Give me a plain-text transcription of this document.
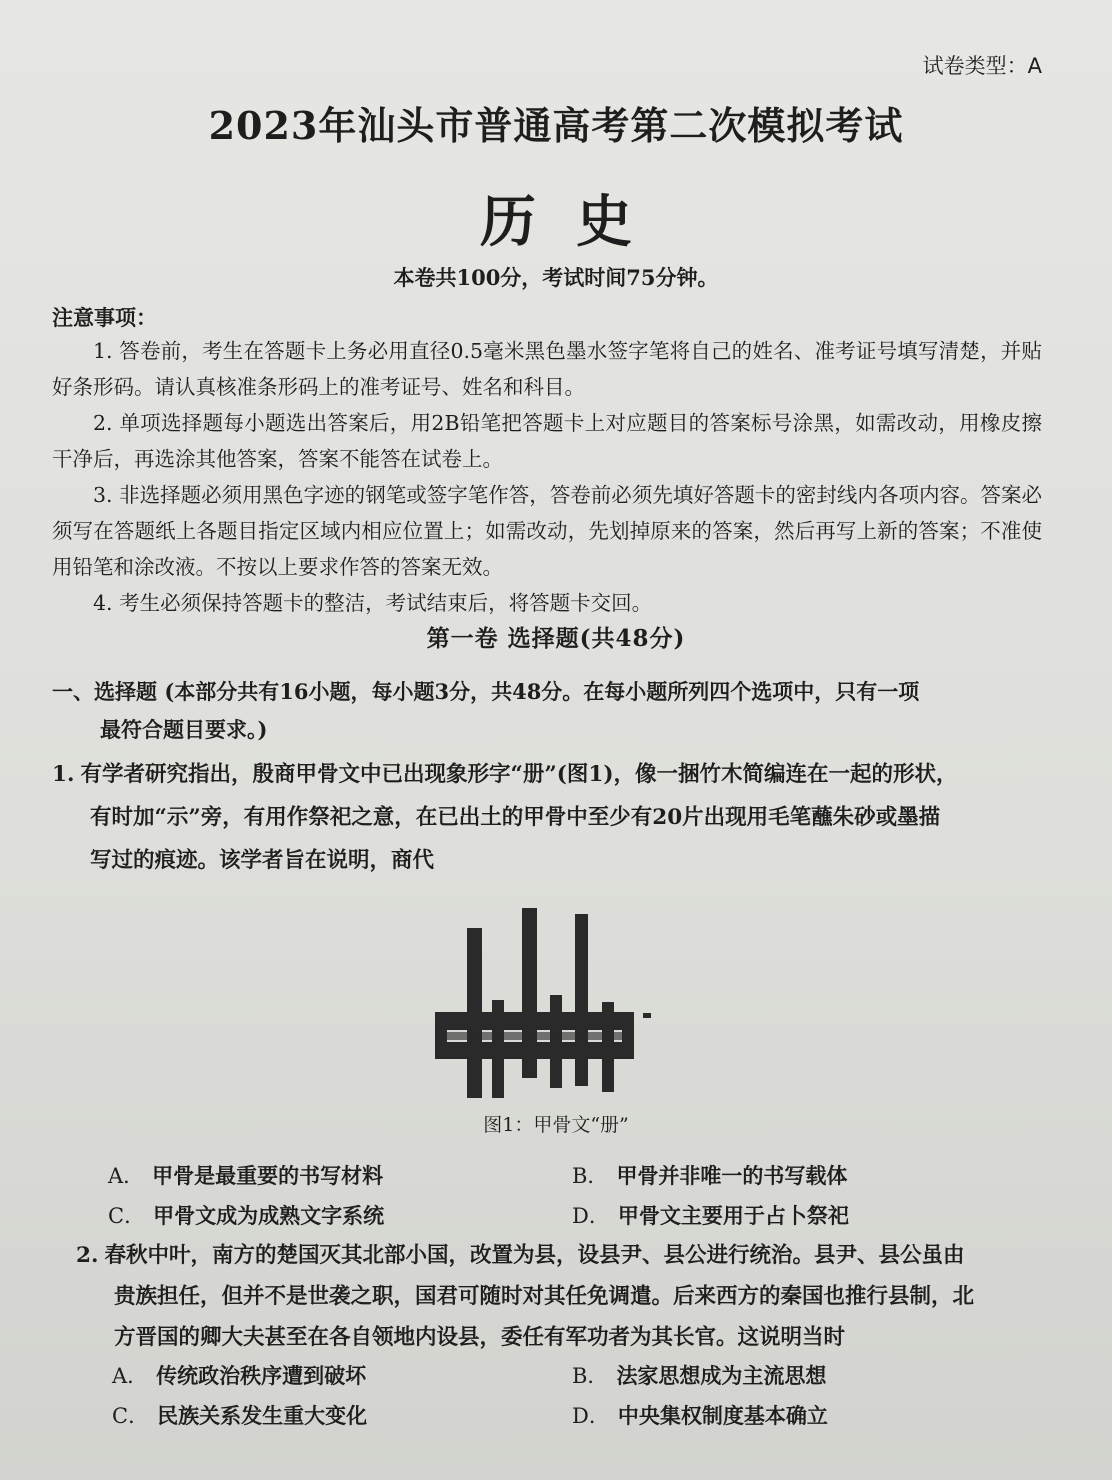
试卷类型：A
2023年汕头市普通高考第二次模拟考试
历史
本卷共100分，考试时间75分钟。
注意事项：

1. 答卷前，考生在答题卡上务必用直径0.5毫米黑色墨水签字笔将自己的姓名、准考证号填写清楚，并贴好条形码。请认真核准条形码上的准考证号、姓名和科目。

2. 单项选择题每小题选出答案后，用2B铅笔把答题卡上对应题目的答案标号涂黑，如需改动，用橡皮擦干净后，再选涂其他答案，答案不能答在试卷上。

3. 非选择题必须用黑色字迹的钢笔或签字笔作答，答卷前必须先填好答题卡的密封线内各项内容。答案必须写在答题纸上各题目指定区域内相应位置上；如需改动，先划掉原来的答案，然后再写上新的答案；不准使用铅笔和涂改液。不按以上要求作答的答案无效。

4. 考生必须保持答题卡的整洁，考试结束后，将答题卡交回。

第一卷 选择题(共48分)
一、选择题 (本部分共有16小题，每小题3分，共48分。在每小题所列四个选项中，只有一项
最符合题目要求。)
1. 有学者研究指出，殷商甲骨文中已出现象形字“册”(图1)，像一捆竹木简编连在一起的形状，
有时加“示”旁，有用作祭祀之意，在已出土的甲骨中至少有20片出现用毛笔蘸朱砂或墨描
写过的痕迹。该学者旨在说明，商代
图1：甲骨文“册”
A． 甲骨是最重要的书写材料	B． 甲骨并非唯一的书写载体
C． 甲骨文成为成熟文字系统	D． 甲骨文主要用于占卜祭祀
2. 春秋中叶，南方的楚国灭其北部小国，改置为县，设县尹、县公进行统治。县尹、县公虽由
贵族担任，但并不是世袭之职，国君可随时对其任免调遣。后来西方的秦国也推行县制，北
方晋国的卿大夫甚至在各自领地内设县，委任有军功者为其长官。这说明当时
A． 传统政治秩序遭到破坏	B． 法家思想成为主流思想
C． 民族关系发生重大变化	D． 中央集权制度基本确立
